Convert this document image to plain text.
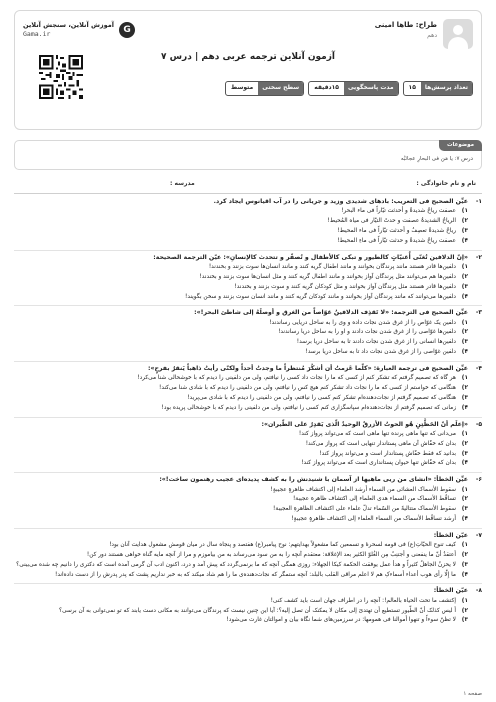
طراح: طاها امینی
دهم
G
آموزش آنلاین، سنجش آنلاین
Gama.ir
آزمون آنلاین ترجمه عربی دهم | درس ۷
تعداد پرسش‌ها
۱۵
مدت پاسخگویی
۱۵دقیقه
سطح سختی
متوسط
موضوعات
درس ۷: یا مَن فی البحارِ عجائبُه
نام و نام خانوادگی :
مدرسه :
۱-
عیِّن الصحیح فی التعریب: بادهای شدیدی وزید و جریانی را در آب اقیانوس ایجاد کرد.
۱)
عصفت ریاحٌ شدیدةٌ و أحدثت تیّاراً فی ماء البحر!
۲)
الریاحُ الشدیدةُ عصفت و حدثَ التیّار فی میاه المُحیط!
۳)
ریاحٌ شدیدةٌ تعصِفُ و أحدثت تیّاراً فی ماء المحیط!
۴)
عصفت ریاحٌ شدیدةٌ و حدثت تیّاراً فی ماءِ المحیط!
۲-
«إنّ الدلافین تُغنّی أُغنیّاتٍ کالطیور و تبکی کالأطفال و تُصفّر و تتحدث کالإنسانِ»: عیّن الترجمة الصحیحة:
۱)
دلفین‌ها قادر هستند مانند پرندگان بخوانند و مانند اطفال گریه کنند و مانند انسان‌ها سوت بزنند و بخندند!
۲)
دلفین‌ها هم می‌توانند مثل پرندگان آواز بخوانند و مانند اطفال گریه کنند و مثل انسان‌ها سوت بزنند و بخندند!
۳)
دلفین‌ها قادر هستند مثل پرندگان آواز بخوانند و مثل کودکان گریه کنند و سوت بزنند و بخندند!
۴)
دلفین‌ها می‌توانند که مانند پرندگان آواز بخوانند و مانند کودکان گریه کنند و مانند انسان سوت بزنند و سخن بگویند!
۳-
عیِّن الصحیح فی الترجمة: «لا تَقذِف الدلافینُ غوّاصاً من الغرق و أوصلَهُ إلی شاطئ البحر!»:
۱)
دلفین یک غوّاص را از غرق شدن نجات داده و وی را به ساحل دریایی رساندند!
۲)
دلفین‌ها غوّاصی را از غرق شدن نجات دادند و او را به ساحل دریا رساندند!
۳)
دلفین‌ها انسانی را از غرق شدن نجات دادند تا به ساحل دریا برسد!
۴)
دلفین غوّاصی را از غرق شدن نجات داد تا به ساحل دریا برسد!
۴-
عیِّن الصحیح فی ترجمة العبارة: «کلّما عَزمتُ أن أشکُرَ مُنتظراً ما وجدتُ أحداً ولکنّی رأیتُ ذاهباً یَنقرُ بفرحٍ»:
۱)
هر گاه که تصمیم گرفتم که تشکر کنم از کسی که ما را نجات داد کسی را نیافتم، ولی من دلفینی را دیدم که با خوشحالی شنا می‌کرد!
۲)
هنگامی که خواستم از کسی که ما را نجات داد تشکر کنم هیچ کس را نیافتم، ولی من دلفینی را دیدم که با شادی شنا می‌کند!
۳)
هنگامی که تصمیم گرفتم از نجات‌دهنده‌ام تشکر کنم کسی را نیافتم، ولی من دلفینی را دیدم که با شادی می‌پرید!
۴)
زمانی که تصمیم گرفتم از نجات‌دهنده‌ام سپاسگزاری کنم کسی را نیافتم، ولی من دلفینی را دیدم که با خوشحالی پریده بود!
۵-
«إعلَم أنّ الحَظَّتِنِ هُو الحوتُ الأزرقُ الوحیدُ الّذی یَقدِرُ علی الطّیران»:
۱)
می‌دانی که تنها ماهی پرنده تنها ماهی است که می‌تواند پرواز کند!
۲)
بدان که خفّاش آن ماهی پستاندار تنهایی است که پرواز می‌کند!
۳)
بدانید که فقط خفّاش پستاندار است و می‌تواند پرواز کند!
۴)
بدان که خفّاش تنها حیوان پستانداری است که می‌تواند پرواز کند!
۶-
عیِّن الخطأ: «انشای من ریی ماهیها از آسمان با شنیدنش را به کشف پدیده‌ای عجیب رهنمون ساخت!»:
۱)
سقوط الأسماک العشائی من السماء أرشد العلماء إلی اکتشاف ظاهرةٍ عجیبةٍ!
۲)
تساقُط الأسماک من السماء هدی العلماء إلی اکتشاف ظاهرة عجیبة!
۳)
سقوط الأسماک متتالیةً من السّماء تدلّ علماء علی اکتشاف الظاهرةِ العجیبة!
۴)
أرشد تساقُط الأسماک من السماء العلماء إلی اکتشاف ظاهرةٍ عجیبةٍ!
۷-
عیّن الخطأ:
۱)
کیف تنوح الحیّاتِ(ع) فی قومه لسحرهٔ و تسمعین کما مشغولاً بهدایتهم: نوح پیامبر(ع) هفتصد و پنجاه سال در میان قومش مشغول هدایت آنان بود!
۲)
أعتقدُ أنّ ما ینفعنی و أجتنِبُ مِن الغُلوّ الکثیر بعد الإغلاقة: معتقدم آنچه را به من سود می‌رساند به من بیاموزم و مرا از آنچه مایه گناه خواهی هستند دور کن!
۳)
لا یحزنُ الجاهلُ کثیراً و هدأ عمل یوفقت الحکمة کیکا الجهلاء: روزی همگی آنچه که ما برنمی‌گردد که پیش آمد و درد، اکنون ادب آن گرمی آمده است که دکتری را دانیم چه شده می‌بینی؟
۴)
ما إِلّا رأی هوب أعداء أسماءکِ هم لا اعلم مراقی القلب بالبلد: آنچه ستمگر که نجات‌دهنده‌ی ما را هم شاد میکند که به خبر نداریم پشت که پدر پدرش را از دست داده‌اند!
۸-
عیّن الخطأ:
۱)
إکتشف ما تحت الحیاة بالعالم!: آنچه را در اطراف جهان است باید کشف کنی!
۲)
أ لیس کذلک أنّ الطّیور تستطیع أن تهتدیَ إلی مکان لا یمکنک أن تصل إلیه؟: آیا این چنین نیست که پرندگان می‌توانند به مکانی دست یابند که تو نمی‌توانی به آن برسی؟
۳)
لا تظنّ سوءاً و تنهوا أموالنا فی همومها: در سرزمین‌های شما نگاه بیان و اموالتان غارت می‌شود!
صفحه ۱
